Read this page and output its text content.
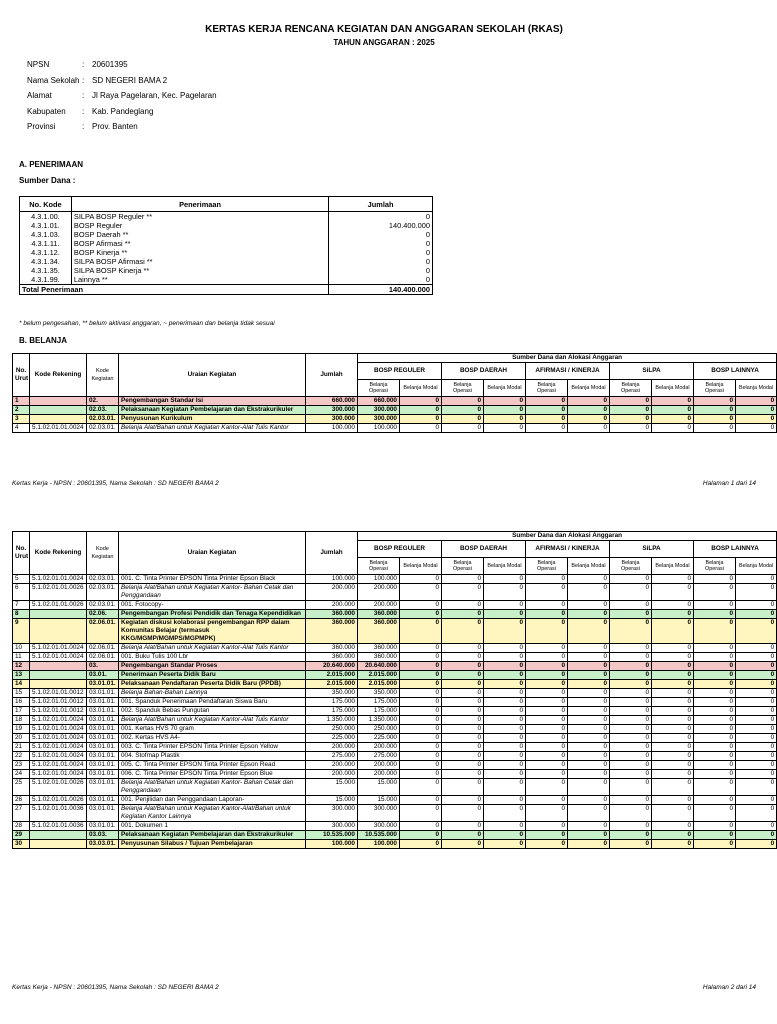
KERTAS KERJA RENCANA KEGIATAN DAN ANGGARAN SEKOLAH (RKAS)
TAHUN ANGGARAN : 2025
NPSN	: 20601395
Nama Sekolah : SD NEGERI BAMA 2
Alamat	: Jl Raya Pagelaran, Kec. Pagelaran
Kabupaten	: Kab. Pandeglang
Provinsi	: Prov. Banten
A. PENERIMAAN
Sumber Dana :
No. Kode	Penerimaan	Jumlah
4.3.1.00.	SILPA BOSP Reguler **	0
4.3.1.01.	BOSP Reguler	140.400.000
4.3.1.03.	BOSP Daerah **	0
4.3.1.11.	BOSP Afirmasi **	0
4.3.1.12.	BOSP Kinerja **	0
4.3.1.34.	SILPA BOSP Afirmasi **	0
4.3.1.35.	SILPA BOSP Kinerja **	0
4.3.1.99.	Lainnya **	0
Total Penerimaan		140.400.000
* belum pengesahan, ** belum aktivasi anggaran, ~ penerimaan dan belanja tidak sesuai
B. BELANJA
No. Urut	Kode Rekening	Kode Kegiatan	Uraian Kegiatan	Jumlah	Sumber Dana dan Alokasi Anggaran									
					BOSP REGULER		BOSP DAERAH		AFIRMASI / KINERJA		SiLPA		BOSP LAINNYA	
					Belanja Operasi	Belanja Modal	Belanja Operasi	Belanja Modal	Belanja Operasi	Belanja Modal	Belanja Operasi	Belanja Modal	Belanja Operasi	Belanja Modal
1		02.	Pengembangan Standar Isi	660.000	660.000	0	0	0	0	0	0	0	0	0
2		02.03.	Pelaksanaan Kegiatan Pembelajaran dan Ekstrakurikuler	300.000	300.000	0	0	0	0	0	0	0	0	0
3		02.03.01.	Penyusunan Kurikulum	300.000	300.000	0	0	0	0	0	0	0	0	0
4	5.1.02.01.01.0024	02.03.01.	Belanja Alat/Bahan untuk Kegiatan Kantor-Alat Tulis Kantor	100.000	100.000	0	0	0	0	0	0	0	0	0
Kertas Kerja - NPSN : 20601395, Nama Sekolah : SD NEGERI BAMA 2	Halaman 1 dari 14
No. Urut	Kode Rekening	Kode Kegiatan	Uraian Kegiatan	Jumlah	Sumber Dana dan Alokasi Anggaran									
					BOSP REGULER		BOSP DAERAH		AFIRMASI / KINERJA		SiLPA		BOSP LAINNYA	
					Belanja Operasi	Belanja Modal	Belanja Operasi	Belanja Modal	Belanja Operasi	Belanja Modal	Belanja Operasi	Belanja Modal	Belanja Operasi	Belanja Modal
5	5.1.02.01.01.0024	02.03.01.	001. C. Tinta Printer EPSON Tinta Printer Epson Black	100.000	100.000	0	0	0	0	0	0	0	0	0
6	5.1.02.01.01.0026	02.03.01.	Belanja Alat/Bahan untuk Kegiatan Kantor- Bahan Cetak dan Penggandaan	200.000	200.000	0	0	0	0	0	0	0	0	0
7	5.1.02.01.01.0026	02.03.01.	001. Fotocopy-	200.000	200.000	0	0	0	0	0	0	0	0	0
8		02.06.	Pengembangan Profesi Pendidik dan Tenaga Kependidikan	360.000	360.000	0	0	0	0	0	0	0	0	0
9		02.06.01.	Kegiatan diskusi kolaborasi pengembangan RPP dalam Komunitas Belajar (termasuk KKG/MGMP/MGMPS/MGPMPK)	360.000	360.000	0	0	0	0	0	0	0	0	0
10	5.1.02.01.01.0024	02.06.01.	Belanja Alat/Bahan untuk Kegiatan Kantor-Alat Tulis Kantor	360.000	360.000	0	0	0	0	0	0	0	0	0
11	5.1.02.01.01.0024	02.06.01.	001. Buku Tulis 100 Lbr	360.000	360.000	0	0	0	0	0	0	0	0	0
12		03.	Pengembangan Standar Proses	20.640.000	20.640.000	0	0	0	0	0	0	0	0	0
13		03.01.	Penerimaan Peserta Didik Baru	2.015.000	2.015.000	0	0	0	0	0	0	0	0	0
14		03.01.01.	Pelaksanaan Pendaftaran Peserta Didik Baru (PPDB)	2.015.000	2.015.000	0	0	0	0	0	0	0	0	0
15	5.1.02.01.01.0012	03.01.01.	Belanja Bahan-Bahan Lainnya	350.000	350.000	0	0	0	0	0	0	0	0	0
16	5.1.02.01.01.0012	03.01.01.	001. Spanduk Penerimaan Pendaftaran Siswa Baru	175.000	175.000	0	0	0	0	0	0	0	0	0
17	5.1.02.01.01.0012	03.01.01.	002. Spanduk Bebas Pungutan	175.000	175.000	0	0	0	0	0	0	0	0	0
18	5.1.02.01.01.0024	03.01.01.	Belanja Alat/Bahan untuk Kegiatan Kantor-Alat Tulis Kantor	1.350.000	1.350.000	0	0	0	0	0	0	0	0	0
19	5.1.02.01.01.0024	03.01.01.	001. Kertas HVS 70 gram	250.000	250.000	0	0	0	0	0	0	0	0	0
20	5.1.02.01.01.0024	03.01.01.	002. Kertas HVS A4-	225.000	225.000	0	0	0	0	0	0	0	0	0
21	5.1.02.01.01.0024	03.01.01.	003. C. Tinta Printer EPSON Tinta Printer Epson Yellow	200.000	200.000	0	0	0	0	0	0	0	0	0
22	5.1.02.01.01.0024	03.01.01.	004. Stofmap Plastik	275.000	275.000	0	0	0	0	0	0	0	0	0
23	5.1.02.01.01.0024	03.01.01.	005. C. Tinta Printer EPSON Tinta Printer Epson Read	200.000	200.000	0	0	0	0	0	0	0	0	0
24	5.1.02.01.01.0024	03.01.01.	006. C. Tinta Printer EPSON Tinta Printer Epson Blue	200.000	200.000	0	0	0	0	0	0	0	0	0
25	5.1.02.01.01.0026	03.01.01.	Belanja Alat/Bahan untuk Kegiatan Kantor- Bahan Cetak dan Penggandaan	15.000	15.000	0	0	0	0	0	0	0	0	0
26	5.1.02.01.01.0026	03.01.01.	001. Penjilidan dan Penggandaan Laporan-	15.000	15.000	0	0	0	0	0	0	0	0	0
27	5.1.02.01.01.0036	03.01.01.	Belanja Alat/Bahan untuk Kegiatan Kantor-Alat/Bahan untuk Kegiatan Kantor Lainnya	300.000	300.000	0	0	0	0	0	0	0	0	0
28	5.1.02.01.01.0036	03.01.01.	001. Dokumen 1	300.000	300.000	0	0	0	0	0	0	0	0	0
29		03.03.	Pelaksanaan Kegiatan Pembelajaran dan Ekstrakurikuler	10.535.000	10.535.000	0	0	0	0	0	0	0	0	0
30		03.03.01.	Penyusunan Silabus / Tujuan Pembelajaran	100.000	100.000	0	0	0	0	0	0	0	0	0
Kertas Kerja - NPSN : 20601395, Nama Sekolah : SD NEGERI BAMA 2	Halaman 2 dari 14
